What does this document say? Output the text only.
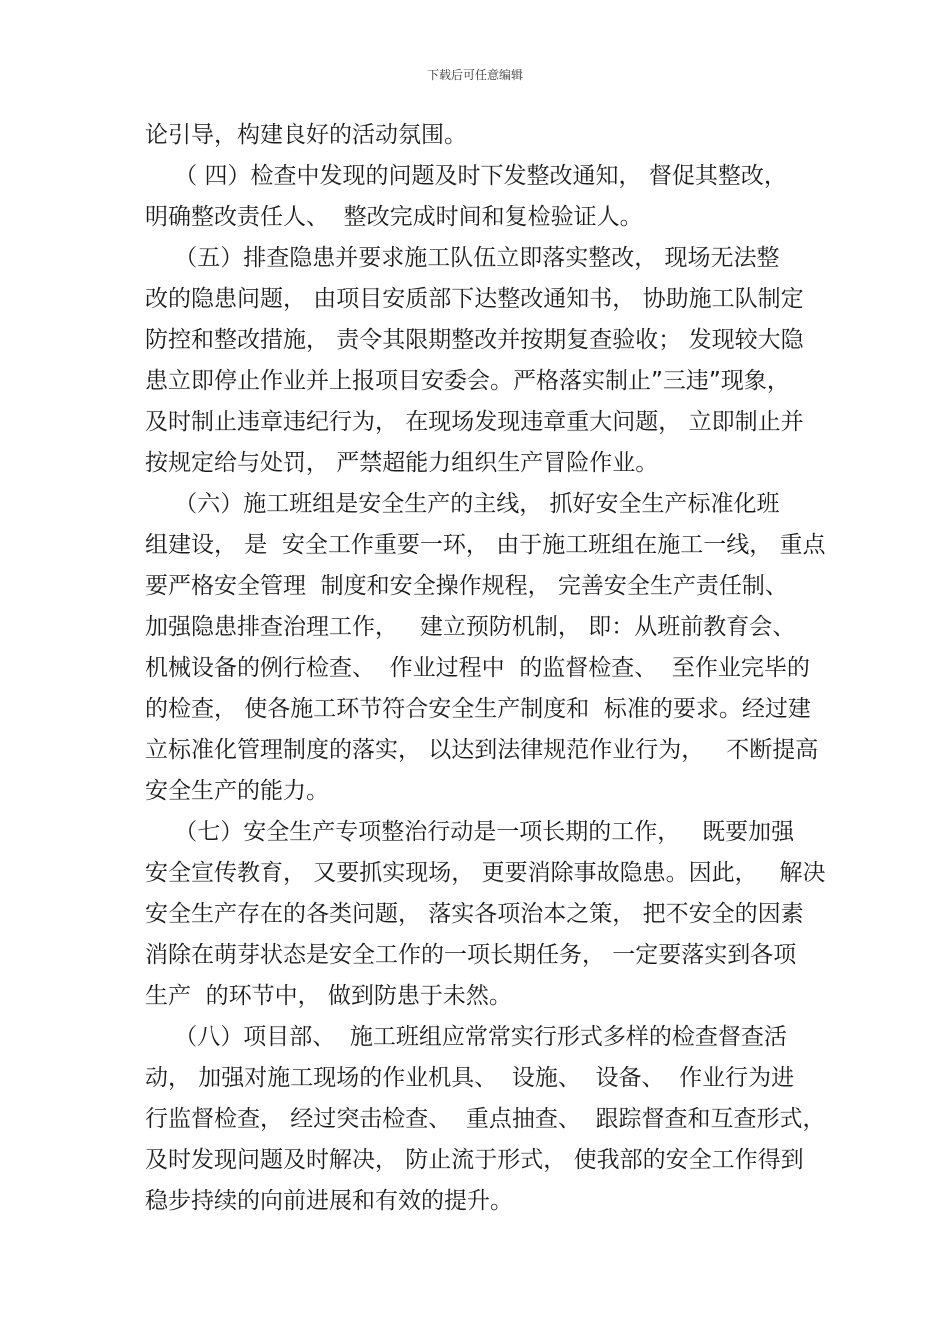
下载后可任意编辑
论引导，构建良好的活动氛围。
（ 四）检查中发现的问题及时下发整改通知， 督促其整改，
明确整改责任人、  整改完成时间和复检验证人。
（五）排查隐患并要求施工队伍立即落实整改， 现场无法整
改的隐患问题， 由项目安质部下达整改通知书， 协助施工队制定
防控和整改措施， 责令其限期整改并按期复查验收； 发现较大隐
患立即停止作业并上报项目安委会。严格落实制止”三违”现象，
及时制止违章违纪行为， 在现场发现违章重大问题， 立即制止并
按规定给与处罚， 严禁超能力组织生产冒险作业。
（六）施工班组是安全生产的主线， 抓好安全生产标准化班
组建设， 是  安全工作重要一环， 由于施工班组在施工一线， 重点
要严格安全管理  制度和安全操作规程， 完善安全生产责任制、
加强隐患排查治理工作，   建立预防机制， 即：从班前教育会、
机械设备的例行检查、  作业过程中  的监督检查、  至作业完毕的
的检查， 使各施工环节符合安全生产制度和  标准的要求。经过建
立标准化管理制度的落实， 以达到法律规范作业行为，   不断提高
安全生产的能力。
（七）安全生产专项整治行动是一项长期的工作，   既要加强
安全宣传教育， 又要抓实现场， 更要消除事故隐患。因此，   解决
安全生产存在的各类问题， 落实各项治本之策， 把不安全的因素
消除在萌芽状态是安全工作的一项长期任务， 一定要落实到各项
生产  的环节中， 做到防患于未然。
（八）项目部、  施工班组应常常实行形式多样的检查督查活
动， 加强对施工现场的作业机具、  设施、  设备、  作业行为进
行监督检查， 经过突击检查、  重点抽查、  跟踪督查和互查形式，
及时发现问题及时解决， 防止流于形式， 使我部的安全工作得到
稳步持续的向前进展和有效的提升。
